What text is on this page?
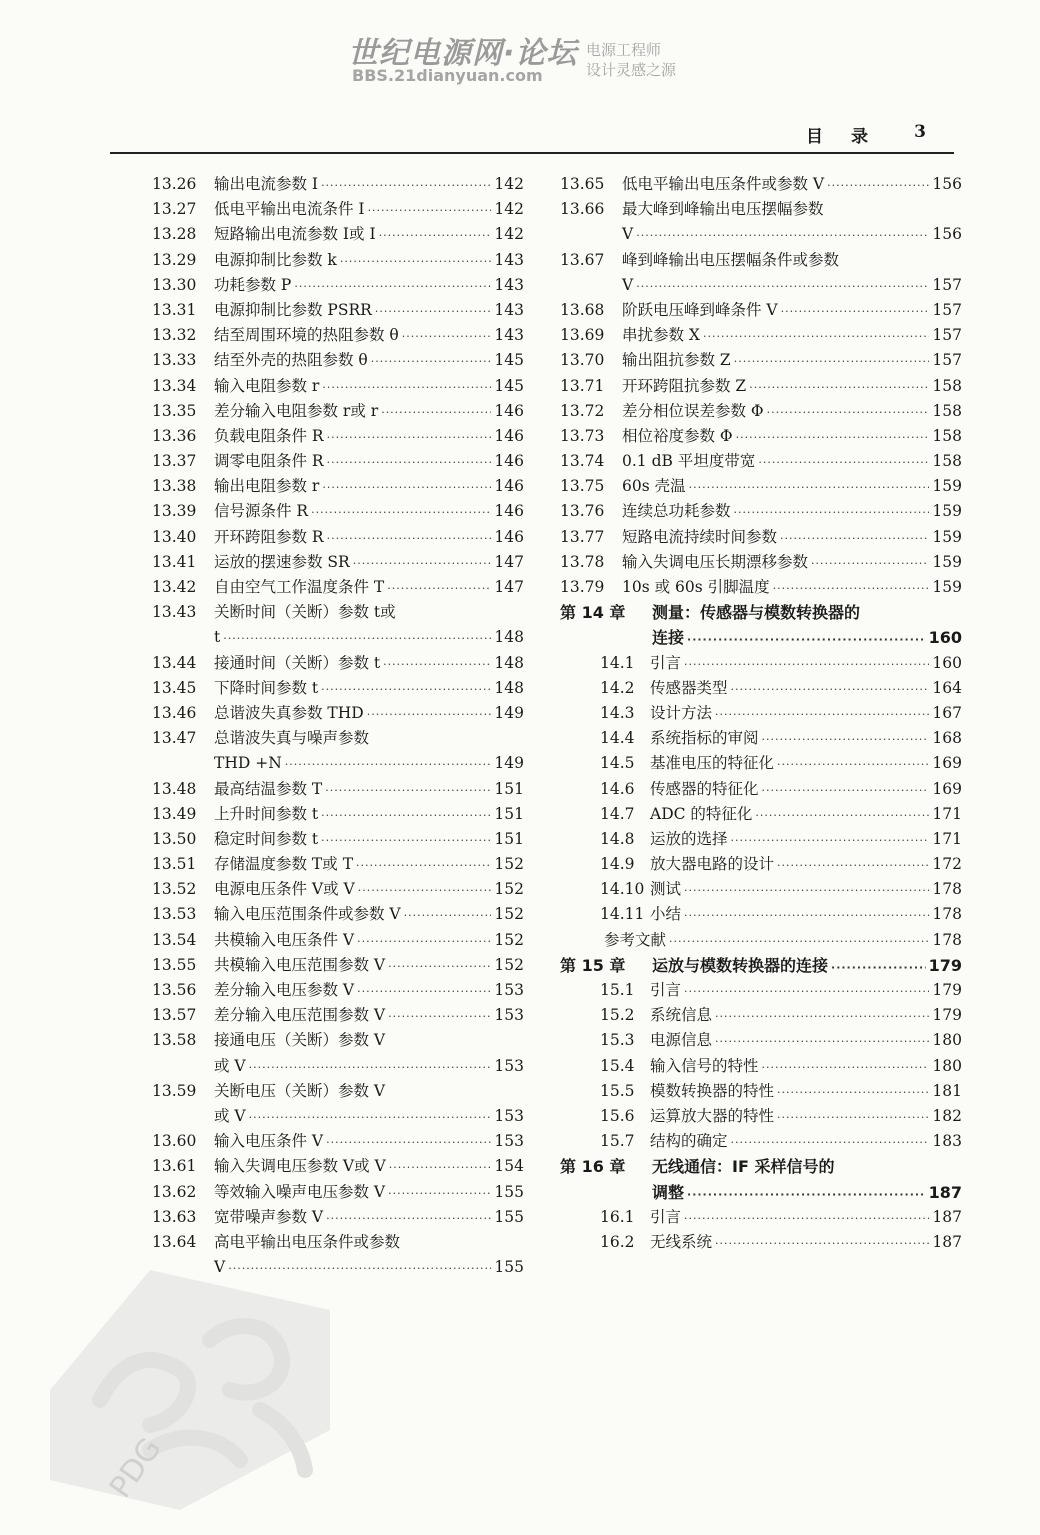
世纪电源网·论坛
BBS.21dianyuan.com
电源工程师
设计灵感之源
目录 3
13.26 输出电流参数 I ·····	142
13.27 低电平输出电流条件 I ·····	142
13.28 短路输出电流参数 I或 I ·····	142
13.29 电源抑制比参数 k ·····	143
13.30 功耗参数 P ·····	143
13.31 电源抑制比参数 PSRR ·····	143
13.32 结至周围环境的热阻参数 θ ·····	143
13.33 结至外壳的热阻参数 θ ·····	145
13.34 输入电阻参数 r ·····	145
13.35 差分输入电阻参数 r或 r ·····	146
13.36 负载电阻条件 R ·····	146
13.37 调零电阻条件 R ·····	146
13.38 输出电阻参数 r ·····	146
13.39 信号源条件 R ·····	146
13.40 开环跨阻参数 R ·····	146
13.41 运放的摆速参数 SR ·····	147
13.42 自由空气工作温度条件 T ·····	147
13.43 关断时间（关断）参数 t或
t ·····	148
13.44 接通时间（关断）参数 t ·····	148
13.45 下降时间参数 t ·····	148
13.46 总谐波失真参数 THD ·····	149
13.47 总谐波失真与噪声参数
THD +N ·····	149
13.48 最高结温参数 T ·····	151
13.49 上升时间参数 t ·····	151
13.50 稳定时间参数 t ·····	151
13.51 存储温度参数 T或 T ·····	152
13.52 电源电压条件 V或 V ·····	152
13.53 输入电压范围条件或参数 V ·····	152
13.54 共模输入电压条件 V ·····	152
13.55 共模输入电压范围参数 V ·····	152
13.56 差分输入电压参数 V ·····	153
13.57 差分输入电压范围参数 V ·····	153
13.58 接通电压（关断）参数 V
或 V ·····	153
13.59 关断电压（关断）参数 V
或 V ·····	153
13.60 输入电压条件 V ·····	153
13.61 输入失调电压参数 V或 V ·····	154
13.62 等效输入噪声电压参数 V ·····	155
13.63 宽带噪声参数 V ·····	155
13.64 高电平输出电压条件或参数
V ·····	155
13.65 低电平输出电压条件或参数 V ·····	156
13.66 最大峰到峰输出电压摆幅参数
V ·····	156
13.67 峰到峰输出电压摆幅条件或参数
V ·····	157
13.68 阶跃电压峰到峰条件 V ·····	157
13.69 串扰参数 X ·····	157
13.70 输出阻抗参数 Z ·····	157
13.71 开环跨阻抗参数 Z ·····	158
13.72 差分相位误差参数 Φ ·····	158
13.73 相位裕度参数 Φ ·····	158
13.74 0.1 dB 平坦度带宽 ·····	158
13.75 60s 壳温 ·····	159
13.76 连续总功耗参数 ·····	159
13.77 短路电流持续时间参数 ·····	159
13.78 输入失调电压长期漂移参数 ·····	159
13.79 10s 或 60s 引脚温度 ·····	159
第 14 章 测量：传感器与模数转换器的
连接 ·····	160
14.1 引言 ·····	160
14.2 传感器类型 ·····	164
14.3 设计方法 ·····	167
14.4 系统指标的审阅 ·····	168
14.5 基准电压的特征化 ·····	169
14.6 传感器的特征化 ·····	169
14.7 ADC 的特征化 ·····	171
14.8 运放的选择 ·····	171
14.9 放大器电路的设计 ·····	172
14.10 测试 ·····	178
14.11 小结 ·····	178
参考文献 ·····	178
第 15 章 运放与模数转换器的连接 ·····	179
15.1 引言 ·····	179
15.2 系统信息 ·····	179
15.3 电源信息 ·····	180
15.4 输入信号的特性 ·····	180
15.5 模数转换器的特性 ·····	181
15.6 运算放大器的特性 ·····	182
15.7 结构的确定 ·····	183
第 16 章 无线通信：IF 采样信号的
调整 ·····	187
16.1 引言 ·····	187
16.2 无线系统 ·····	187
PDG
